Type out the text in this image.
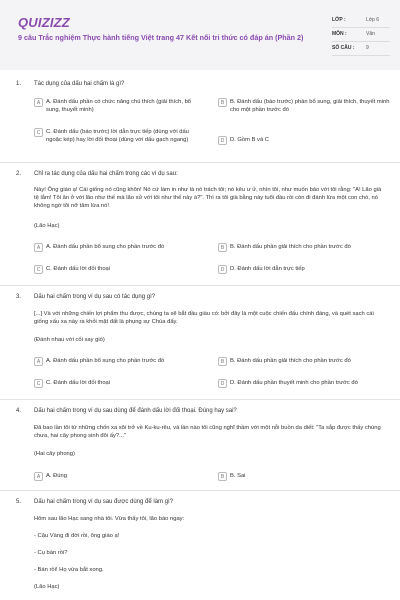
QUIZIZZ
9 câu Trắc nghiệm Thực hành tiếng Việt trang 47 Kết nối tri thức có đáp án (Phần 2)
LỚP :	Lớp 6
MÔN :	Văn
SỐ CÂU : 9
1. Tác dụng của dấu hai chấm là gì?
A	A. Đánh dấu phần có chức năng chú thích (giải thích, bổ sung, thuyết minh)
B	B. Đánh dấu (báo trước) phần bổ sung, giải thích, thuyết minh cho một phần trước đó
C C. Đánh dấu (báo trước) lời dẫn trực tiếp (dùng với dấu ngoặc kép) hay lời đối thoại (dùng với dấu gạch ngang)	D D. Gồm B và C
2. Chỉ ra tác dụng của dấu hai chấm trong các ví dụ sau:
Này! Ông giáo ạ! Cái giống nó cũng khôn! Nó cứ làm in như là nó trách tôi; nó kêu ư ử, nhìn tôi, như muốn bảo với tôi rằng: "A! Lão già tệ lắm! Tôi ăn ở với lão như thế mà lão xử với tôi như thế này à?". Thì ra tôi già bằng này tuổi đầu rồi còn đi đánh lừa một con chó, nó không ngờ tôi nỡ tâm lừa nó!
(Lão Hạc)
A	A. Đánh dấu phần bổ sung cho phần trước đó	B	B. Đánh dấu phần giải thích cho phần trước đó
C C. Đánh dấu lời đối thoại	D D. Đánh dấu lời dẫn trực tiếp
3. Dấu hai chấm trong ví dụ sau có tác dụng gì?
[...] Và với những chiến lợi phẩm thu được, chúng ta sẽ bắt đầu giàu có: bởi đây là một cuộc chiến đấu chính đáng, và quét sạch cái giống xấu xa này ra khỏi mặt đất là phụng sự Chúa đấy.
(Đánh nhau với cối xay gió)
A	A. Đánh dấu phần bổ sung cho phần trước đó	B	B. Đánh dấu phần giải thích cho phần trước đó
C C. Đánh dấu lời đối thoại	D D. Đánh dấu phần thuyết minh cho phần trước đó
4. Dấu hai chấm trong ví dụ sau dùng để đánh dấu lời đối thoại. Đúng hay sai?
Đã bao lần tôi từ những chốn xa xôi trở về Ku-ku-rêu, và lần nào tôi cũng nghĩ thầm với một nỗi buồn da diết: "Ta sắp được thấy chúng chưa, hai cây phong sinh đôi ấy?..."
(Hai cây phong)
A	A. Đúng	B	B. Sai
5. Dấu hai chấm trong ví dụ sau được dùng để làm gì?
Hôm sau lão Hạc sang nhà tôi. Vừa thấy tôi, lão báo ngay:
- Cậu Vàng đi đời rồi, ông giáo ạ!
- Cụ bán rồi?
- Bán rồi! Họ vừa bắt xong.
(Lão Hạc)
